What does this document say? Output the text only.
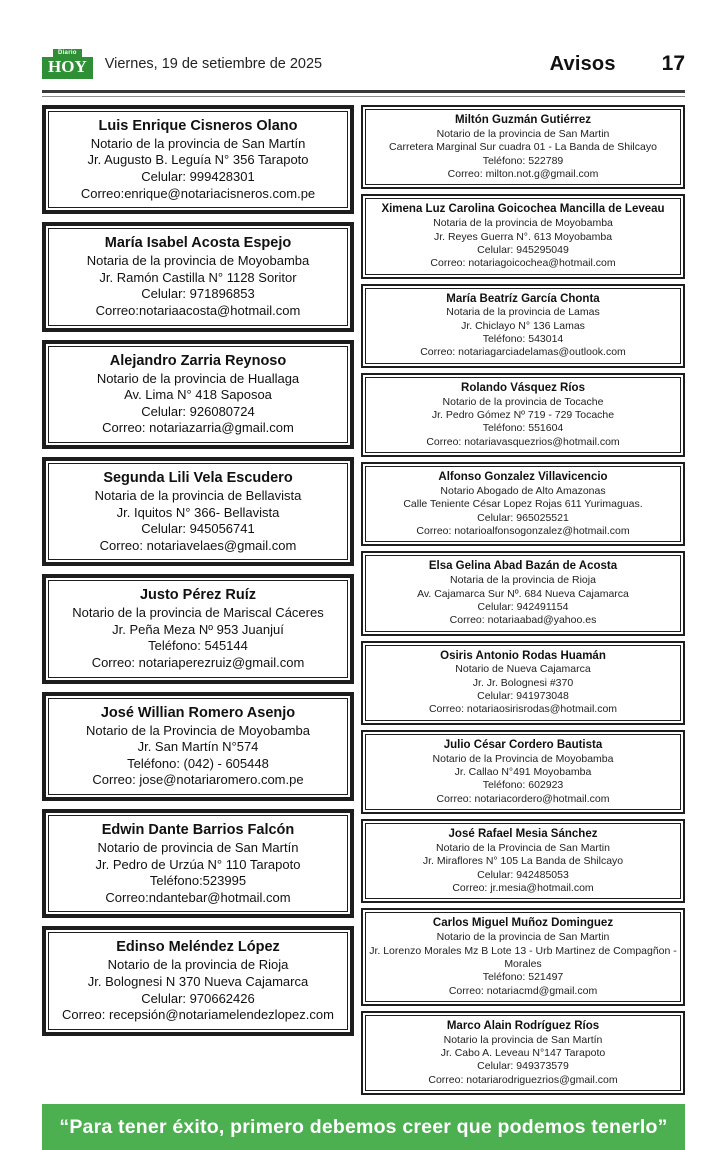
Diario
HOY	Viernes, 19 de setiembre de 2025	Avisos 17
Luis Enrique Cisneros Olano
Notario de la provincia de San Martín
Jr. Augusto B. Leguía N° 356 Tarapoto
Celular: 999428301
Correo:enrique@notariacisneros.com.pe
María Isabel Acosta Espejo
Notaria de la provincia de Moyobamba
Jr. Ramón Castilla N° 1128 Soritor
Celular: 971896853
Correo:notariaacosta@hotmail.com
Alejandro Zarria Reynoso
Notario de la provincia de Huallaga
Av. Lima N° 418 Saposoa
Celular: 926080724
Correo: notariazarria@gmail.com
Segunda Lili Vela Escudero
Notaria de la provincia de Bellavista
Jr. Iquitos N° 366- Bellavista
Celular: 945056741
Correo: notariavelaes@gmail.com
Justo Pérez Ruíz
Notario de la provincia de Mariscal Cáceres
Jr. Peña Meza Nº 953 Juanjuí
Teléfono: 545144
Correo: notariaperezruiz@gmail.com
José Willian Romero Asenjo
Notario de la Provincia de Moyobamba
Jr. San Martín N°574
Teléfono: (042) - 605448
Correo: jose@notariaromero.com.pe
Edwin Dante Barrios Falcón
Notario de provincia de San Martín
Jr. Pedro de Urzúa N° 110 Tarapoto
Teléfono:523995
Correo:ndantebar@hotmail.com
Edinso Meléndez López
Notario de la provincia de Rioja
Jr. Bolognesi N 370 Nueva Cajamarca
Celular: 970662426
Correo: recepsión@notariamelendezlopez.com
Miltón Guzmán Gutiérrez
Notario de la provincia de San Martin
Carretera Marginal Sur cuadra 01 - La Banda de Shilcayo
Teléfono: 522789
Correo: milton.not.g@gmail.com
Ximena Luz Carolina Goicochea Mancilla de Leveau
Notaria de la provincia de Moyobamba
Jr. Reyes Guerra N°. 613 Moyobamba
Celular: 945295049
Correo: notariagoicochea@hotmail.com
María Beatríz García Chonta
Notaria de la provincia de Lamas
Jr. Chiclayo N° 136 Lamas
Teléfono: 543014
Correo: notariagarciadelamas@outlook.com
Rolando Vásquez Ríos
Notario de la provincia de Tocache
Jr. Pedro Gómez Nº 719 - 729 Tocache
Teléfono: 551604
Correo: notariavasquezrios@hotmail.com
Alfonso Gonzalez Villavicencio
Notario Abogado de Alto Amazonas
Calle Teniente César Lopez Rojas 611 Yurimaguas.
Celular: 965025521
Correo: notarioalfonsogonzalez@hotmail.com
Elsa Gelina Abad Bazán de Acosta
Notaria de la provincia de Rioja
Av. Cajamarca Sur Nº. 684 Nueva Cajamarca
Celular: 942491154
Correo: notariaabad@yahoo.es
Osiris Antonio Rodas Huamán
Notario de Nueva Cajamarca
Jr. Jr. Bolognesi #370
Celular: 941973048
Correo: notariaosirisrodas@hotmail.com
Julio César Cordero Bautista
Notario de la Provincia de Moyobamba
Jr. Callao N°491 Moyobamba
Teléfono: 602923
Correo: notariacordero@hotmail.com
José Rafael Mesia Sánchez
Notario de la Provincia de San Martin
Jr. Miraflores N° 105 La Banda de Shilcayo
Celular: 942485053
Correo: jr.mesia@hotmail.com
Carlos Miguel Muñoz Dominguez
Notario de la provincia de San Martin
Jr. Lorenzo Morales Mz B Lote 13 - Urb Martinez de Compagñon - Morales
Teléfono: 521497
Correo: notariacmd@gmail.com
Marco Alain Rodríguez Ríos
Notario la provincia de San Martín
Jr. Cabo A. Leveau N°147 Tarapoto
Celular: 949373579
Correo: notariarodriguezrios@gmail.com
“Para tener éxito, primero debemos creer que podemos tenerlo”
